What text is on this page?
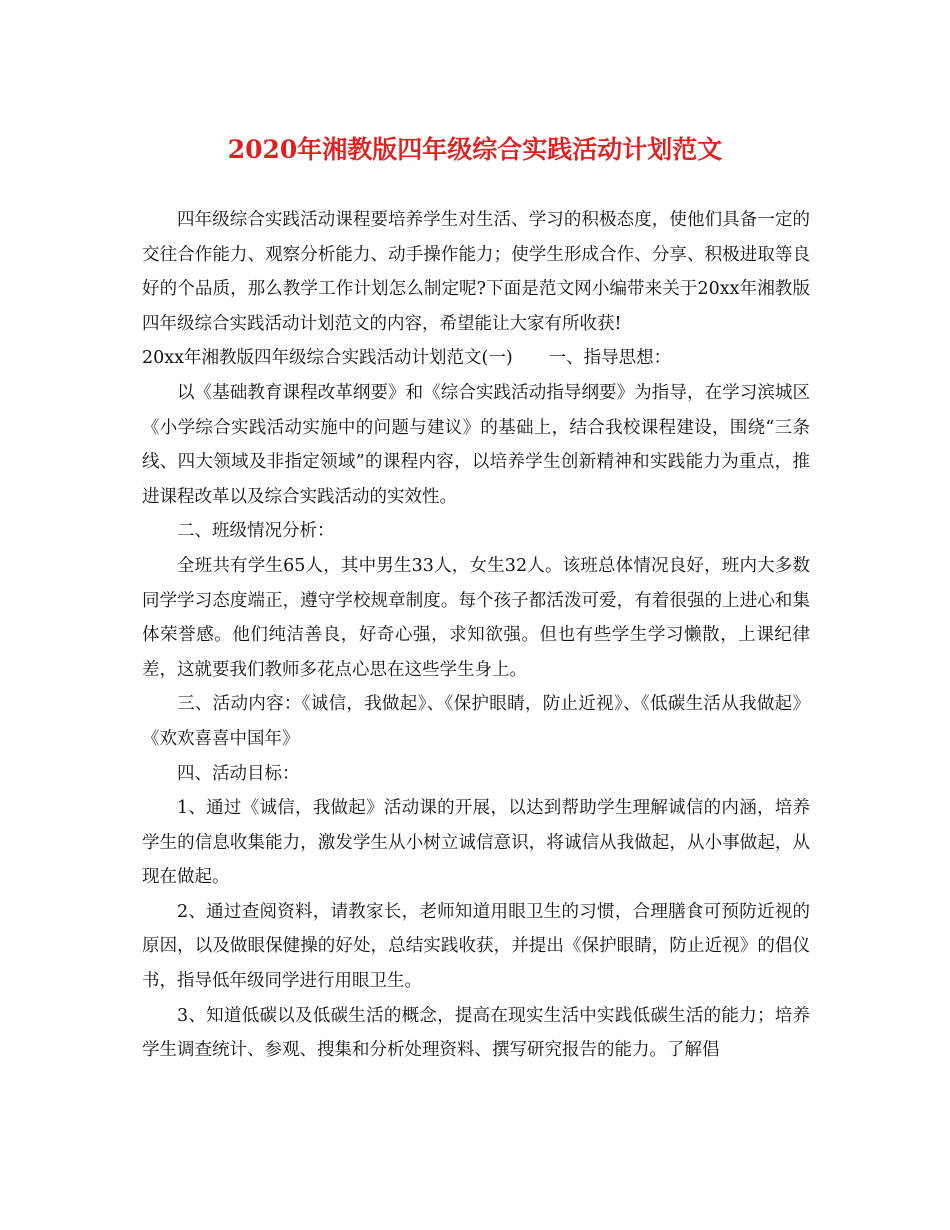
2020年湘教版四年级综合实践活动计划范文

四年级综合实践活动课程要培养学生对生活、学习的积极态度，使他们具备一定的交往合作能力、观察分析能力、动手操作能力；使学生形成合作、分享、积极进取等良好的个品质，那么教学工作计划怎么制定呢?下面是范文网小编带来关于20xx年湘教版四年级综合实践活动计划范文的内容，希望能让大家有所收获!

20xx年湘教版四年级综合实践活动计划范文(一) 一、指导思想：

以《基础教育课程改革纲要》和《综合实践活动指导纲要》为指导，在学习滨城区《小学综合实践活动实施中的问题与建议》的基础上，结合我校课程建设，围绕“三条线、四大领域及非指定领域”的课程内容，以培养学生创新精神和实践能力为重点，推进课程改革以及综合实践活动的实效性。

二、班级情况分析：

全班共有学生65人，其中男生33人，女生32人。该班总体情况良好，班内大多数同学学习态度端正，遵守学校规章制度。每个孩子都活泼可爱，有着很强的上进心和集体荣誉感。他们纯洁善良，好奇心强，求知欲强。但也有些学生学习懒散，上课纪律差，这就要我们教师多花点心思在这些学生身上。

三、活动内容：《诚信，我做起》、《保护眼睛，防止近视》、《低碳生活从我做起》《欢欢喜喜中国年》

四、活动目标：

1、通过《诚信，我做起》活动课的开展，以达到帮助学生理解诚信的内涵，培养学生的信息收集能力，激发学生从小树立诚信意识，将诚信从我做起，从小事做起，从现在做起。

2、通过查阅资料，请教家长，老师知道用眼卫生的习惯，合理膳食可预防近视的原因，以及做眼保健操的好处，总结实践收获，并提出《保护眼睛，防止近视》的倡仪书，指导低年级同学进行用眼卫生。

3、知道低碳以及低碳生活的概念，提高在现实生活中实践低碳生活的能力；培养学生调查统计、参观、搜集和分析处理资料、撰写研究报告的能力。了解倡
